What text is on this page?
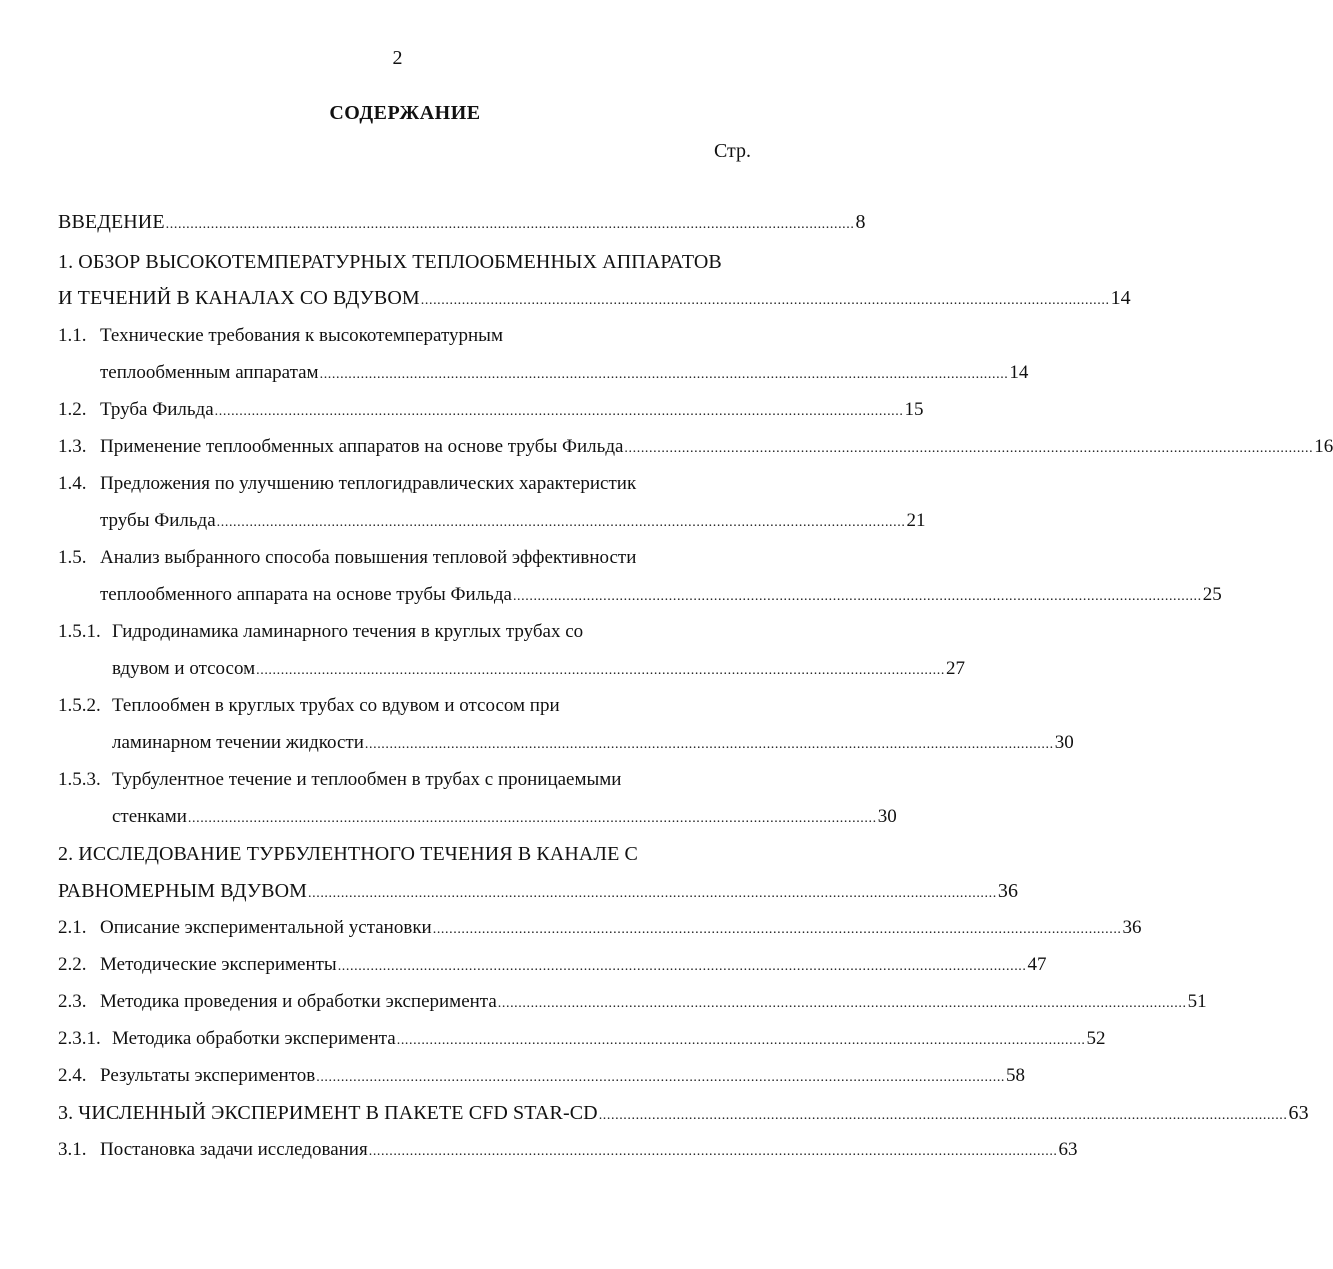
2
СОДЕРЖАНИЕ
Стр.
ВВЕДЕНИЕ ........................................................................................................................................................................ 8
1. ОБЗОР ВЫСОКОТЕМПЕРАТУРНЫХ ТЕПЛООБМЕННЫХ АППАРАТОВ
И ТЕЧЕНИЙ В КАНАЛАХ СО ВДУВОМ ........................................................................................................................................................................ 14
1.1. Технические требования к высокотемпературным
теплообменным аппаратам ........................................................................................................................................................................ 14
1.2. Труба Фильда ........................................................................................................................................................................ 15
1.3. Применение теплообменных аппаратов на основе трубы Фильда ........................................................................................................................................................................ 16
1.4. Предложения по улучшению теплогидравлических характеристик
трубы Фильда ........................................................................................................................................................................ 21
1.5. Анализ выбранного способа повышения тепловой эффективности
теплообменного аппарата на основе трубы Фильда ........................................................................................................................................................................ 25
1.5.1. Гидродинамика ламинарного течения в круглых трубах со
вдувом и отсосом ........................................................................................................................................................................ 27
1.5.2. Теплообмен в круглых трубах со вдувом и отсосом при
ламинарном течении жидкости ........................................................................................................................................................................ 30
1.5.3. Турбулентное течение и теплообмен в трубах с проницаемыми
стенками ........................................................................................................................................................................ 30
2. ИССЛЕДОВАНИЕ ТУРБУЛЕНТНОГО ТЕЧЕНИЯ В КАНАЛЕ С
РАВНОМЕРНЫМ ВДУВОМ ........................................................................................................................................................................ 36
2.1. Описание экспериментальной установки ........................................................................................................................................................................ 36
2.2. Методические эксперименты ........................................................................................................................................................................ 47
2.3. Методика проведения и обработки эксперимента ........................................................................................................................................................................ 51
2.3.1. Методика обработки эксперимента ........................................................................................................................................................................ 52
2.4. Результаты экспериментов ........................................................................................................................................................................ 58
3. ЧИСЛЕННЫЙ ЭКСПЕРИМЕНТ В ПАКЕТЕ CFD STAR-CD ........................................................................................................................................................................ 63
3.1. Постановка задачи исследования ........................................................................................................................................................................ 63
